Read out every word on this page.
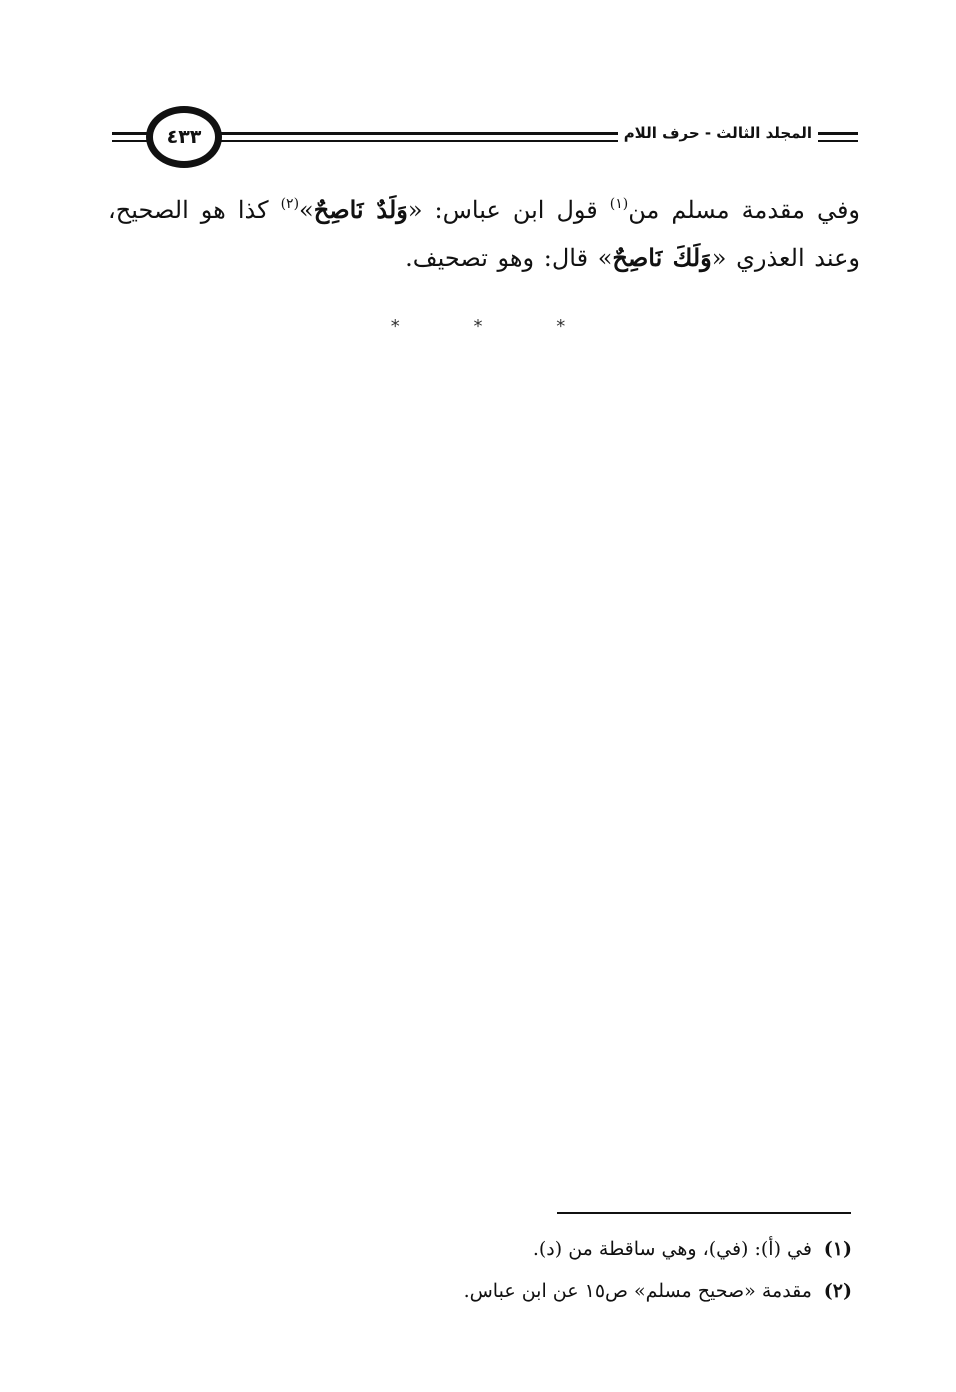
٤٣٣	المجلد الثالث - حرف اللام
وفي مقدمة مسلم من$^{(١)}$ قول ابن عباس: «وَلَدٌ نَاصِحٌ»$^{(٢)}$ كذا هو الصحيح، وعند العذري «وَلَكَ نَاصِحٌ» قال: وهو تصحيف.
* * *
(١) في (أ): (في)، وهي ساقطة من (د).
(٢) مقدمة «صحيح مسلم» ص١٥ عن ابن عباس.
